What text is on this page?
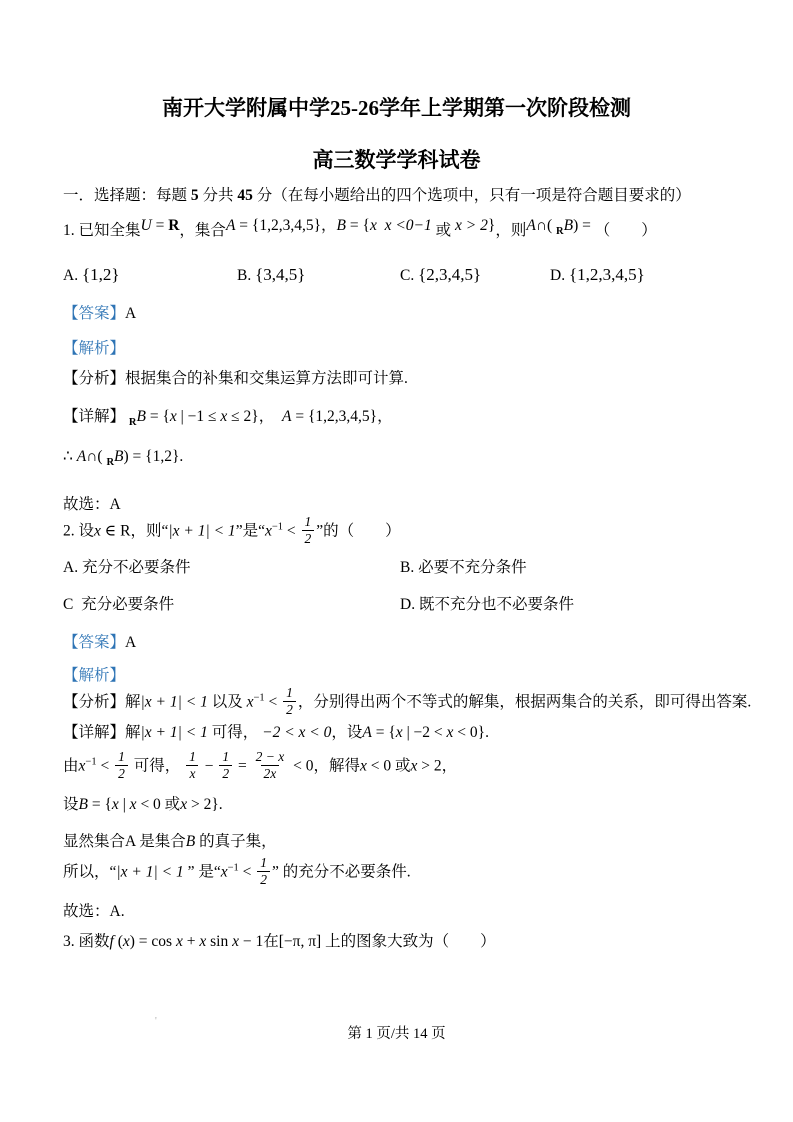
南开大学附属中学25-26学年上学期第一次阶段检测
高三数学学科试卷
一．选择题：每题 5 分共 45 分（在每小题给出的四个选项中，只有一项是符合题目要求的）
1. 已知全集U = R，集合A = {1,2,3,4,5}，B = {x  x <0−1 或 x > 2}，则A∩( $_R$B) = （　　）
A. {1,2}	B. {3,4,5}	C. {2,3,4,5}	D. {1,2,3,4,5}
【答案】A
【解析】
【分析】根据集合的补集和交集运算方法即可计算.
【详解】 $_R$B = {x | −1 ≤ x ≤ 2}，  A = {1,2,3,4,5}，
∴ A∩( $_R$B) = {1,2}.
故选：A
2. 设x ∈ R，则“|x + 1| < 1”是“$x^{-1} < \frac{1}{2}$ ”的（　　）
A. 充分不必要条件	B. 必要不充分条件
C  充分必要条件	D. 既不充分也不必要条件
【答案】A
【解析】
【分析】解|x + 1| < 1 以及 $x^{-1} < \frac{1}{2}$ ，分别得出两个不等式的解集，根据两集合的关系，即可得出答案.
【详解】解|x + 1| < 1 可得， −2 < x < 0，设A = {x | −2 < x < 0}.
由$x^{-1} < \frac{1}{2}$ 可得， $\frac{1}{x} - \frac{1}{2} = \frac{2 - x}{2x} < 0$，解得x < 0 或x > 2，
设B = {x | x < 0 或x > 2}.
显然集合A 是集合B 的真子集，
所以，“|x + 1| < 1 ” 是“$x^{-1} < \frac{1}{2}$ ” 的充分不必要条件.
故选：A.
3. 函数f (x) = cos x + x sin x − 1在[−π, π] 上的图象大致为（　　）
'
第 1 页/共 14 页
